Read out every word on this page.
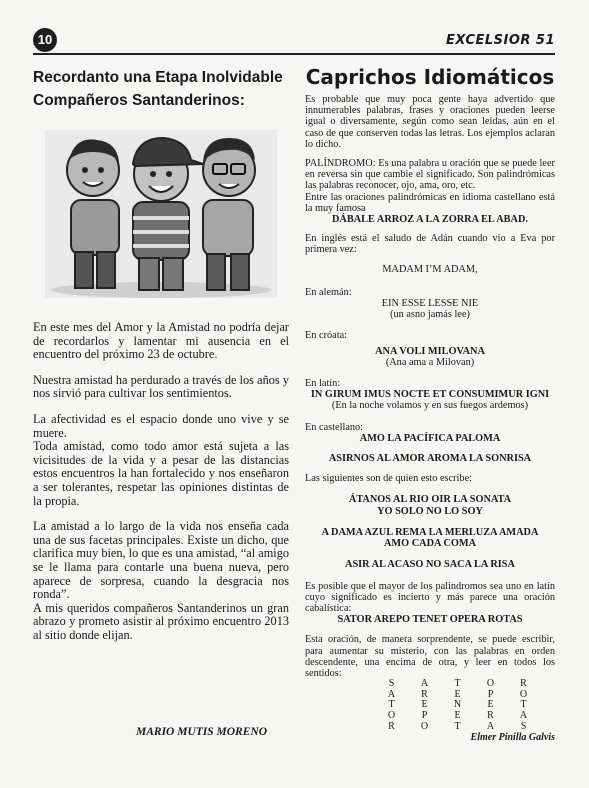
10	EXCELSIOR 51
Recordanto una Etapa Inolvidable
Compañeros Santanderinos:

En este mes del Amor y la Amistad no podría dejar de recordarlos y lamentar mi ausencia en el encuentro del próximo 23 de octubre.

Nuestra amistad ha perdurado a través de los años y nos sirvió para cultivar los sentimientos.

La afectividad es el espacio donde uno vive y se muere.

Toda amistad, como todo amor está sujeta a las vicisitudes de la vida y a pesar de las distancias estos encuentros la han fortalecido y nos enseñaron a ser tolerantes, respetar las opiniones distintas de la propia.

La amistad a lo largo de la vida nos enseña cada una de sus facetas principales. Existe un dicho, que clarifica muy bien, lo que es una amistad, “al amigo se le llama para contarle una buena nueva, pero aparece de sorpresa, cuando la desgracia nos ronda”.

A mis queridos compañeros Santanderinos un gran abrazo y prometo asistir al próximo encuentro 2013 al sitio donde elijan.

MARIO MUTIS MORENO
Caprichos Idiomáticos

Es probable que muy poca gente haya advertido que innumerables palabras, frases y oraciones pueden leerse igual o diversamente, según como sean leídas, aún en el caso de que conserven todas las letras. Los ejemplos aclaran lo dicho.

PALÍNDROMO: Es una palabra u oración que se puede leer en reversa sin que cambie el significado. Son palindrómicas las palabras reconocer, ojo, ama, oro, etc.

Entre las oraciones palindrómicas en idioma castellano está la muy famosa

DÁBALE ARROZ A LA ZORRA EL ABAD.

En inglés está el saludo de Adán cuando vio a Eva por primera vez:

MADAM I’M ADAM,
En alemán:
EIN ESSE LESSE NIE
(un asno jamás lee)
En cróata:
ANA VOLI MILOVANA
(Ana ama a Milovan)
En latín:
IN GIRUM IMUS NOCTE ET CONSUMIMUR IGNI
(En la noche volamos y en sus fuegos ardemos)
En castellano:
AMO LA PACÍFICA PALOMA
ASIRNOS AL AMOR AROMA LA SONRISA
Las siguientes son de quien esto escribe:
ÁTANOS AL RIO OIR LA SONATA
YO SOLO NO LO SOY
A DAMA AZUL REMA LA MERLUZA AMADA
AMO CADA COMA
ASIR AL ACASO NO SACA LA RISA

Es posible que el mayor de los palindromos sea uno en latín cuyo significado es incierto y más parece una oración cabalística:

SATOR AREPO TENET OPERA ROTAS

Esta oración, de manera sorprendente, se puede escribir, para aumentar su misterio, con las palabras en orden descendente, una encima de otra, y leer en todos los sentidos:

S	A	T	O	R
A	R	E	P	O
T	E	N	E	T
O	P	E	R	A
R	O	T	A	S
Elmer Pinilla Galvis
